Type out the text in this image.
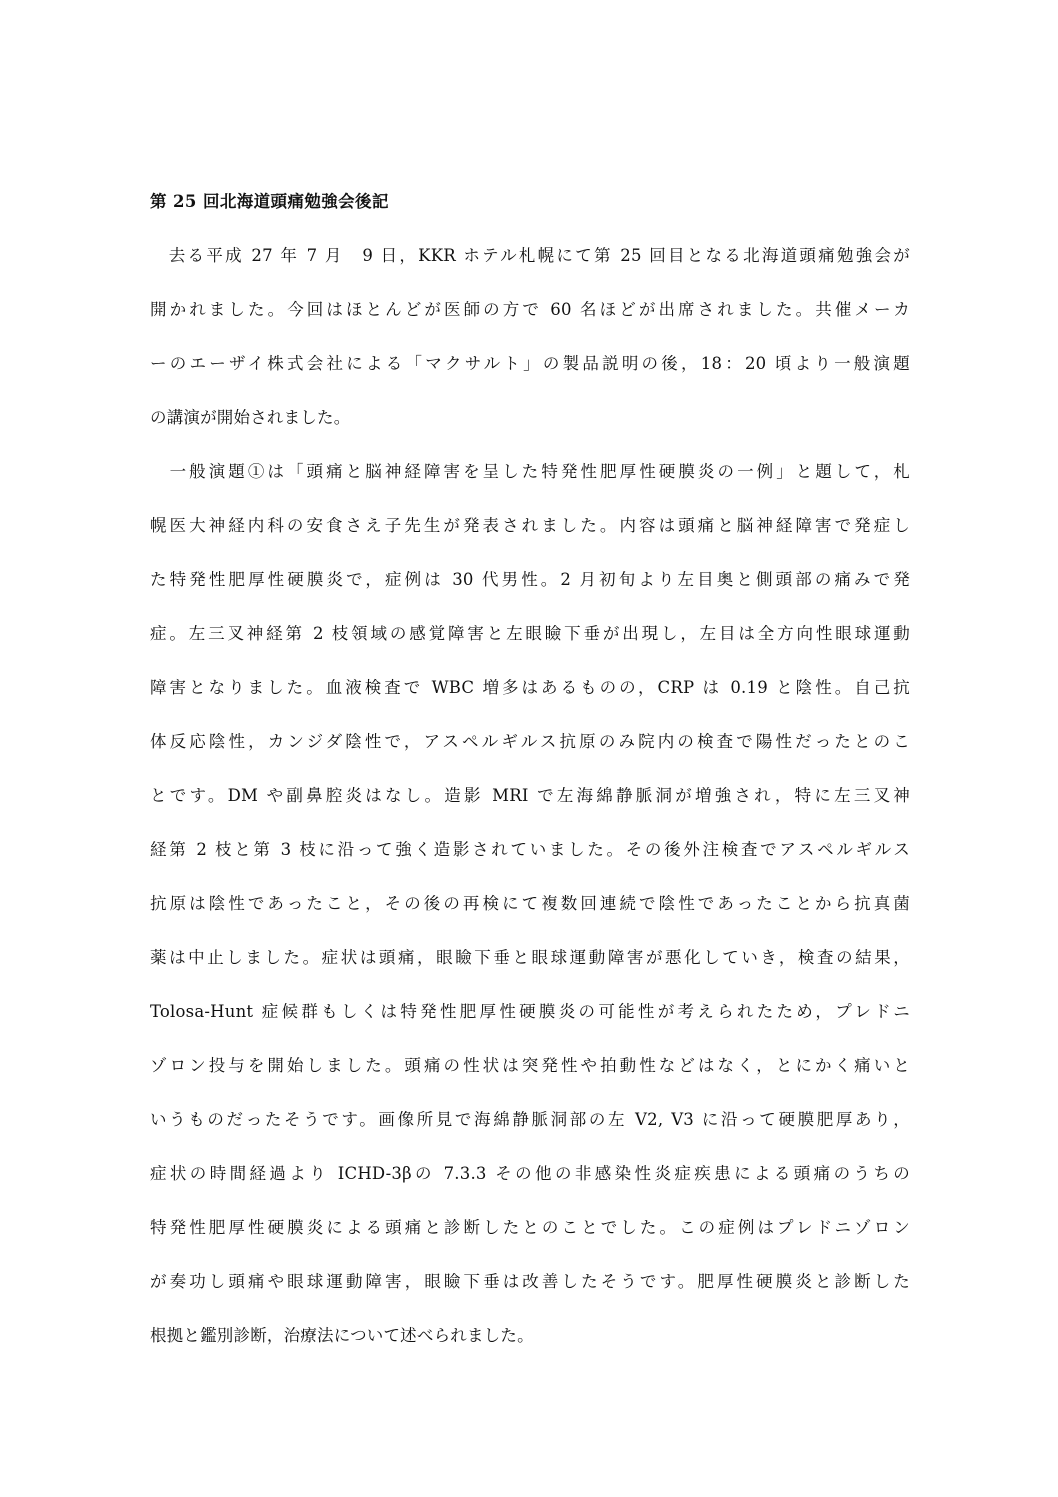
第 25 回北海道頭痛勉強会後記
　去る平成 27 年 7 月　9 日，KKR ホテル札幌にて第 25 回目となる北海道頭痛勉強会が
開かれました。今回はほとんどが医師の方で 60 名ほどが出席されました。共催メーカ
ーのエーザイ株式会社による「マクサルト」の製品説明の後，18：20 頃より一般演題
の講演が開始されました。
　一般演題①は「頭痛と脳神経障害を呈した特発性肥厚性硬膜炎の一例」と題して，札
幌医大神経内科の安食さえ子先生が発表されました。内容は頭痛と脳神経障害で発症し
た特発性肥厚性硬膜炎で，症例は 30 代男性。2 月初旬より左目奥と側頭部の痛みで発
症。左三叉神経第 2 枝領域の感覚障害と左眼瞼下垂が出現し，左目は全方向性眼球運動
障害となりました。血液検査で WBC 増多はあるものの，CRP は 0.19 と陰性。自己抗
体反応陰性，カンジダ陰性で，アスペルギルス抗原のみ院内の検査で陽性だったとのこ
とです。DM や副鼻腔炎はなし。造影 MRI で左海綿静脈洞が増強され，特に左三叉神
経第 2 枝と第 3 枝に沿って強く造影されていました。その後外注検査でアスペルギルス
抗原は陰性であったこと，その後の再検にて複数回連続で陰性であったことから抗真菌
薬は中止しました。症状は頭痛，眼瞼下垂と眼球運動障害が悪化していき，検査の結果，
Tolosa-Hunt 症候群もしくは特発性肥厚性硬膜炎の可能性が考えられたため，プレドニ
ゾロン投与を開始しました。頭痛の性状は突発性や拍動性などはなく，とにかく痛いと
いうものだったそうです。画像所見で海綿静脈洞部の左 V2, V3 に沿って硬膜肥厚あり，
症状の時間経過より ICHD-3βの 7.3.3 その他の非感染性炎症疾患による頭痛のうちの
特発性肥厚性硬膜炎による頭痛と診断したとのことでした。この症例はプレドニゾロン
が奏功し頭痛や眼球運動障害，眼瞼下垂は改善したそうです。肥厚性硬膜炎と診断した
根拠と鑑別診断，治療法について述べられました。
